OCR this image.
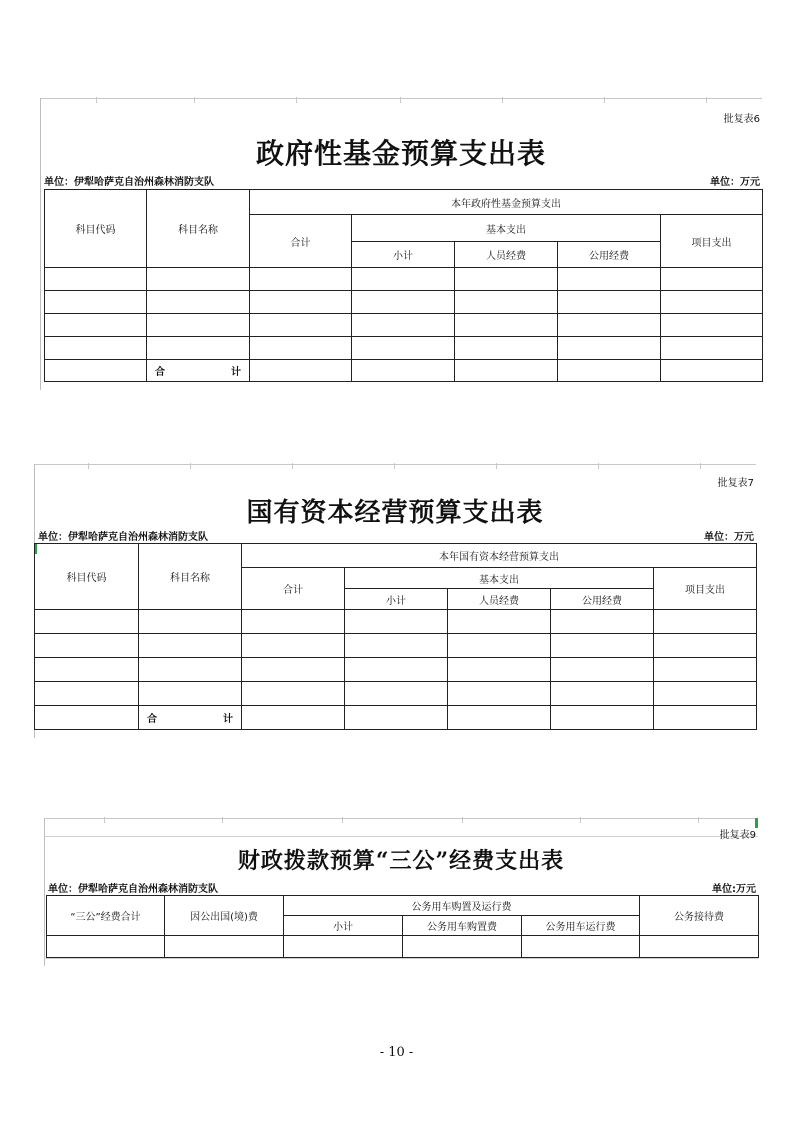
批复表6
政府性基金预算支出表
单位：伊犁哈萨克自治州森林消防支队	单位：万元
科目代码	科目名称	本年政府性基金预算支出				
		合计	基本支出			项目支出
			小计	人员经费	公用经费	

	合 计					

批复表7
国有资本经营预算支出表
单位：伊犁哈萨克自治州森林消防支队	单位：万元
科目代码	科目名称	本年国有资本经营预算支出				
		合计	基本支出			项目支出
			小计	人员经费	公用经费	

	合 计					

批复表9
财政拨款预算“三公”经费支出表
单位：伊犁哈萨克自治州森林消防支队	单位:万元
“三公”经费合计	因公出国(境)费	公务用车购置及运行费			公务接待费
		小计	公务用车购置费	公务用车运行费	

- 10 -
